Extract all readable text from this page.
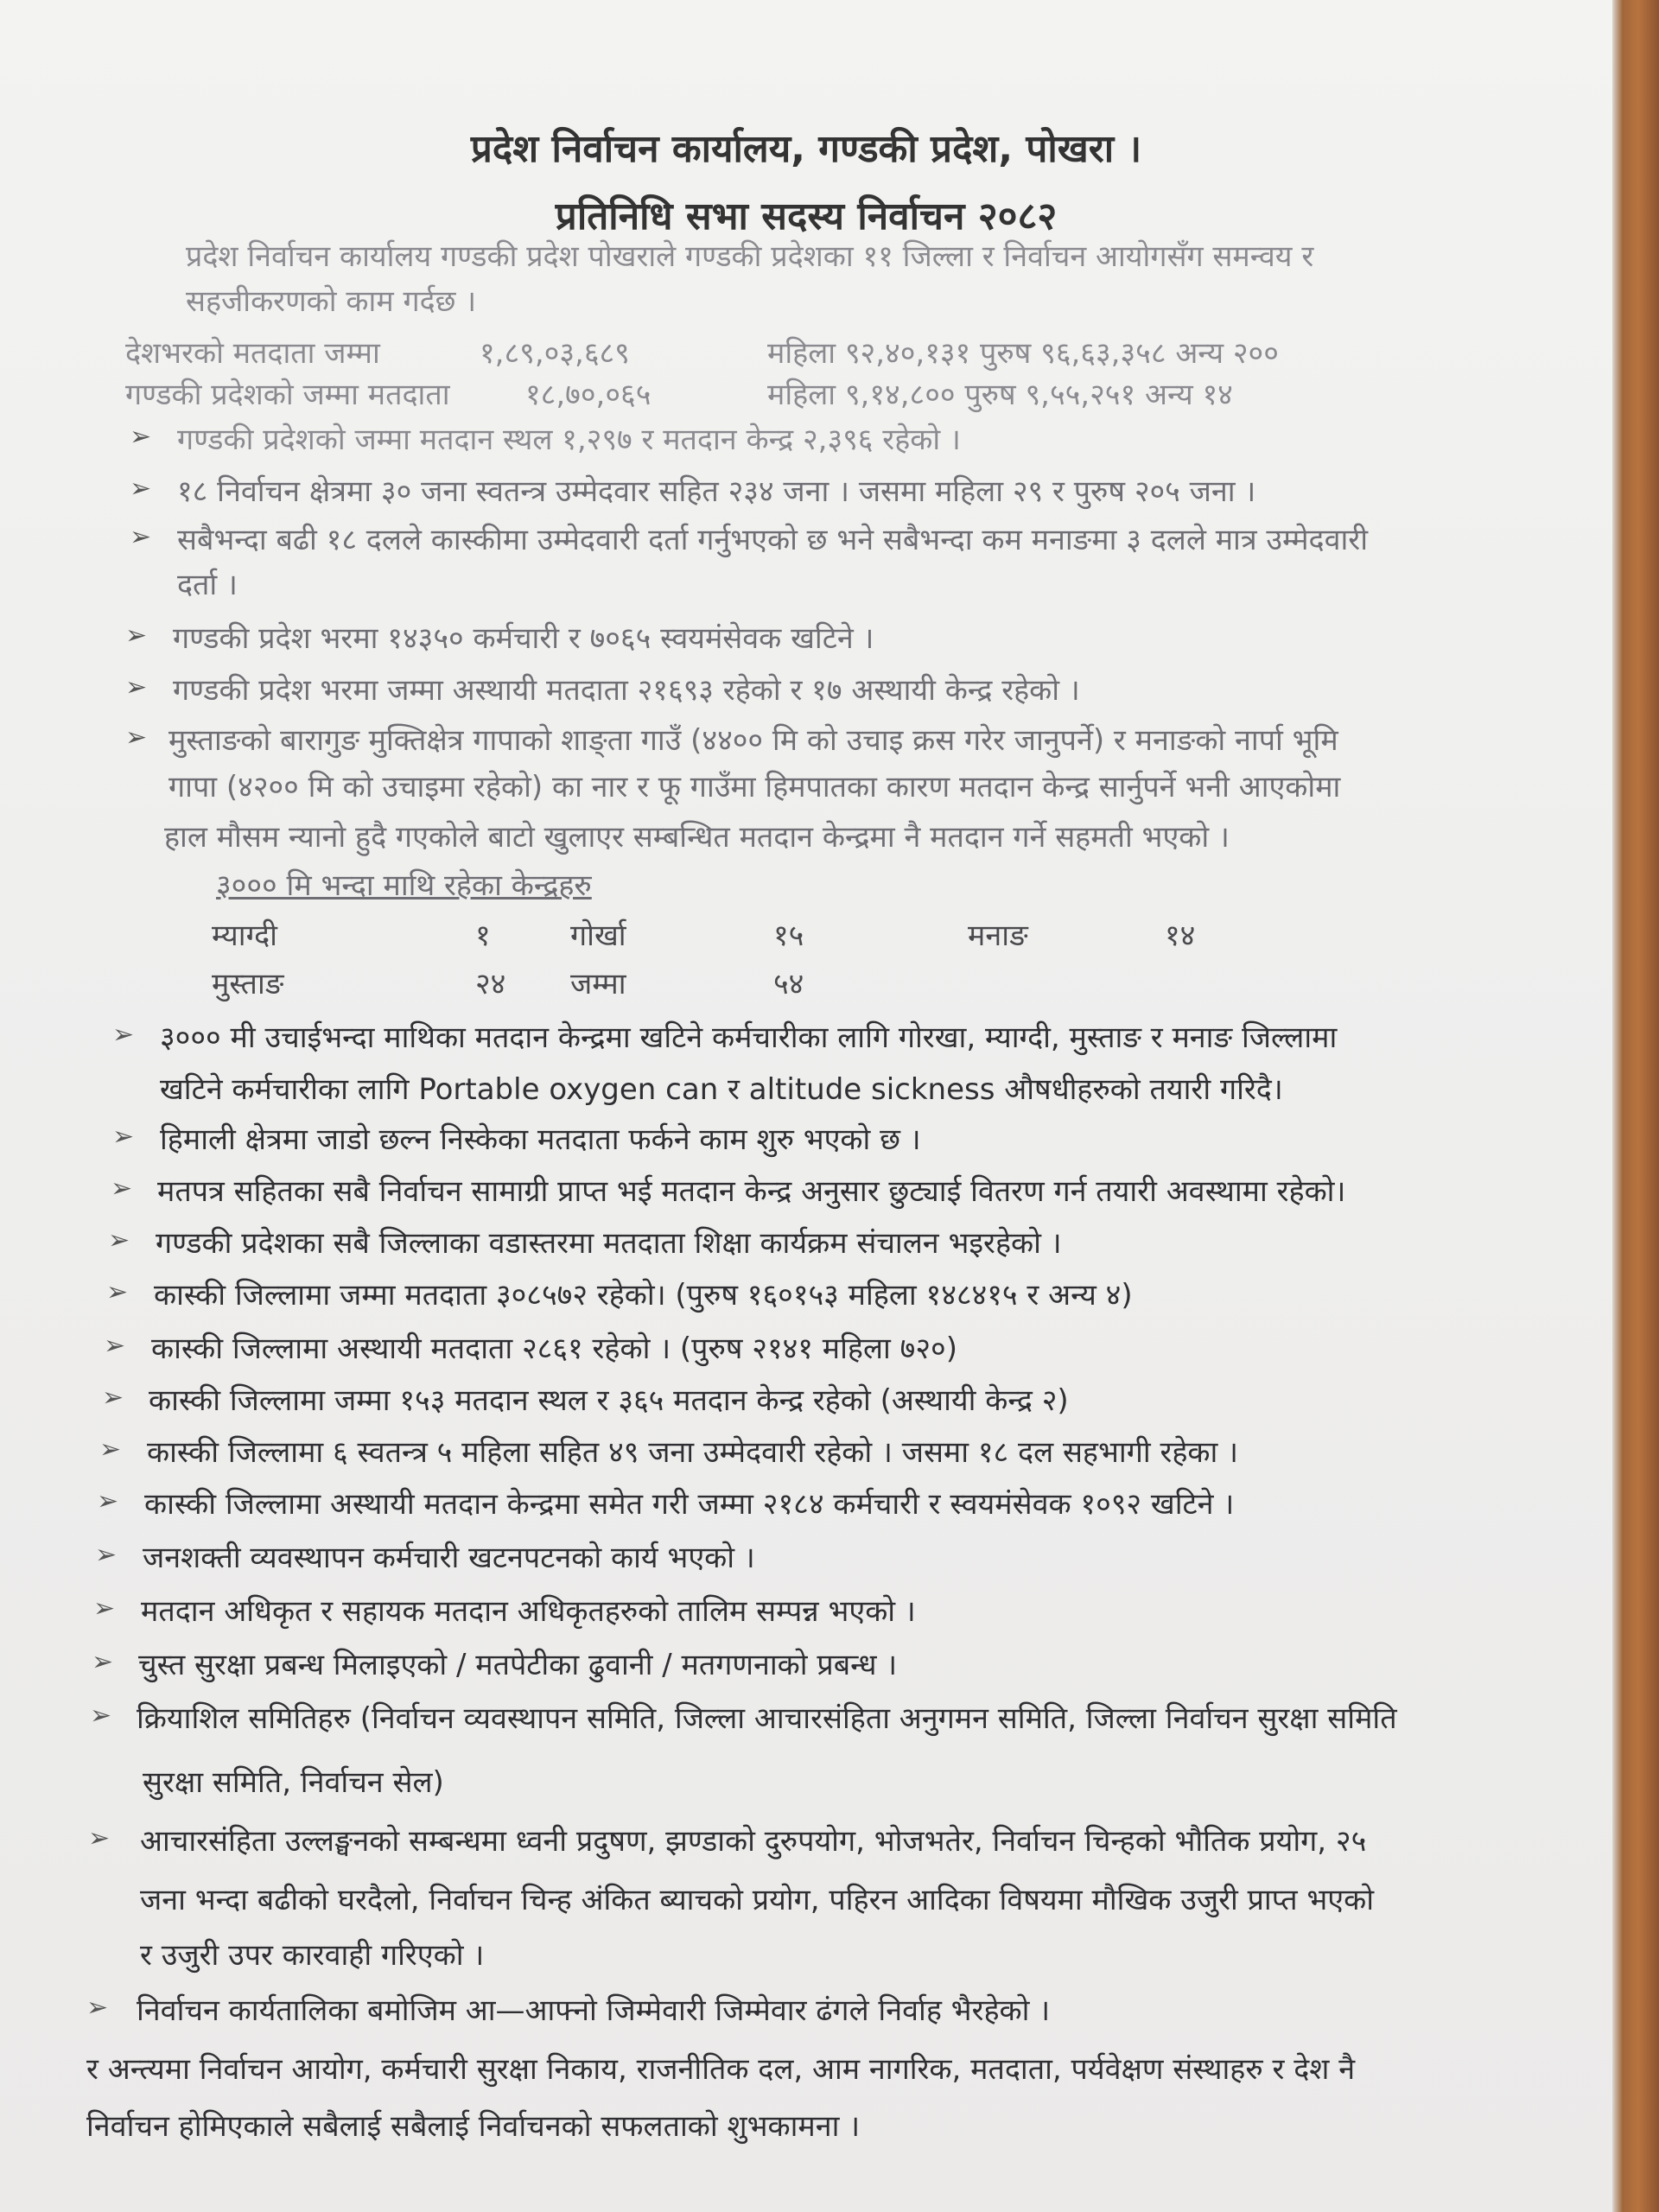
प्रदेश निर्वाचन कार्यालय, गण्डकी प्रदेश, पोखरा ।
प्रतिनिधि सभा सदस्य निर्वाचन २०८२
प्रदेश निर्वाचन कार्यालय गण्डकी प्रदेश पोखराले गण्डकी प्रदेशका ११ जिल्ला र निर्वाचन आयोगसँग समन्वय र
सहजीकरणको काम गर्दछ ।
देशभरको मतदाता जम्मा	१,८९,०३,६८९	महिला ९२,४०,१३१ पुरुष ९६,६३,३५८ अन्य २००
गण्डकी प्रदेशको जम्मा मतदाता	१८,७०,०६५	महिला ९,१४,८०० पुरुष ९,५५,२५१ अन्य १४
➢ गण्डकी प्रदेशको जम्मा मतदान स्थल १,२९७ र मतदान केन्द्र २,३९६ रहेको ।
➢ १८ निर्वाचन क्षेत्रमा ३० जना स्वतन्त्र उम्मेदवार सहित २३४ जना । जसमा महिला २९ र पुरुष २०५ जना ।
➢ सबैभन्दा बढी १८ दलले कास्कीमा उम्मेदवारी दर्ता गर्नुभएको छ भने सबैभन्दा कम मनाङमा ३ दलले मात्र उम्मेदवारी
दर्ता ।
➢ गण्डकी प्रदेश भरमा १४३५० कर्मचारी र ७०६५ स्वयमंसेवक खटिने ।
➢ गण्डकी प्रदेश भरमा जम्मा अस्थायी मतदाता २१६९३ रहेको र १७ अस्थायी केन्द्र रहेको ।
➢ मुस्ताङको बारागुङ मुक्तिक्षेत्र गापाको शाङ्ता गाउँ (४४०० मि को उचाइ क्रस गरेर जानुपर्ने) र मनाङको नार्पा भूमि
गापा (४२०० मि को उचाइमा रहेको) का नार र फू गाउँमा हिमपातका कारण मतदान केन्द्र सार्नुपर्ने भनी आएकोमा
हाल मौसम न्यानो हुदै गएकोले बाटो खुलाएर सम्बन्धित मतदान केन्द्रमा नै मतदान गर्ने सहमती भएको ।
३००० मि भन्दा माथि रहेका केन्द्रहरु
म्याग्दी	१	गोर्खा	१५	मनाङ	१४
मुस्ताङ	२४ जम्मा	५४
➢ ३००० मी उचाईभन्दा माथिका मतदान केन्द्रमा खटिने कर्मचारीका लागि गोरखा, म्याग्दी, मुस्ताङ र मनाङ जिल्लामा
खटिने कर्मचारीका लागि Portable oxygen can र altitude sickness औषधीहरुको तयारी गरिदै।
➢ हिमाली क्षेत्रमा जाडो छल्न निस्केका मतदाता फर्कने काम शुरु भएको छ ।
➢ मतपत्र सहितका सबै निर्वाचन सामाग्री प्राप्त भई मतदान केन्द्र अनुसार छुट्याई वितरण गर्न तयारी अवस्थामा रहेको।
➢ गण्डकी प्रदेशका सबै जिल्लाका वडास्तरमा मतदाता शिक्षा कार्यक्रम संचालन भइरहेको ।
➢ कास्की जिल्लामा जम्मा मतदाता ३०८५७२ रहेको। (पुरुष १६०१५३ महिला १४८४१५ र अन्य ४)
➢ कास्की जिल्लामा अस्थायी मतदाता २८६१ रहेको । (पुरुष २१४१ महिला ७२०)
➢ कास्की जिल्लामा जम्मा १५३ मतदान स्थल र ३६५ मतदान केन्द्र रहेको (अस्थायी केन्द्र २)
➢ कास्की जिल्लामा ६ स्वतन्त्र ५ महिला सहित ४९ जना उम्मेदवारी रहेको । जसमा १८ दल सहभागी रहेका ।
➢ कास्की जिल्लामा अस्थायी मतदान केन्द्रमा समेत गरी जम्मा २१८४ कर्मचारी र स्वयमंसेवक १०९२ खटिने ।
➢ जनशक्ती व्यवस्थापन कर्मचारी खटनपटनको कार्य भएको ।
➢ मतदान अधिकृत र सहायक मतदान अधिकृतहरुको तालिम सम्पन्न भएको ।
➢ चुस्त सुरक्षा प्रबन्ध मिलाइएको / मतपेटीका ढुवानी / मतगणनाको प्रबन्ध ।
➢ क्रियाशिल समितिहरु (निर्वाचन व्यवस्थापन समिति, जिल्ला आचारसंहिता अनुगमन समिति, जिल्ला निर्वाचन सुरक्षा समिति
सुरक्षा समिति, निर्वाचन सेल)
➢ आचारसंहिता उल्लङ्घनको सम्बन्धमा ध्वनी प्रदुषण, झण्डाको दुरुपयोग, भोजभतेर, निर्वाचन चिन्हको भौतिक प्रयोग, २५
जना भन्दा बढीको घरदैलो, निर्वाचन चिन्ह अंकित ब्याचको प्रयोग, पहिरन आदिका विषयमा मौखिक उजुरी प्राप्त भएको
र उजुरी उपर कारवाही गरिएको ।
➢ निर्वाचन कार्यतालिका बमोजिम आ—आफ्नो जिम्मेवारी जिम्मेवार ढंगले निर्वाह भैरहेको ।
र अन्त्यमा निर्वाचन आयोग, कर्मचारी सुरक्षा निकाय, राजनीतिक दल, आम नागरिक, मतदाता, पर्यवेक्षण संस्थाहरु र देश नै
निर्वाचन होमिएकाले सबैलाई सबैलाई निर्वाचनको सफलताको शुभकामना ।
